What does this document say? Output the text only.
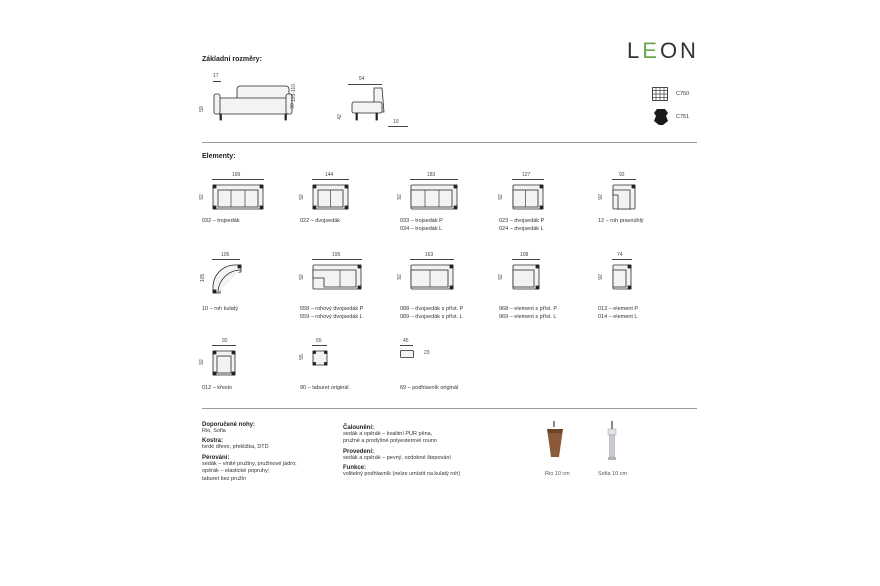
LEON
Základní rozměry:
17
59
90
103-110
54
42
10
C750
C751
Elementy:
199
92
032 – trojsedák
144
92
022 – dvojsedák
183
92
033 – trojsedák P
034 – trojsedák L
127
92
023 – dvojsedák P
024 – dvojsedák L
92
92
12 – roh pravoúhlý
105
105
10 – roh kulatý
195
92
558 – rohový dvojsedák P
559 – rohový dvojsedák L
163
92
088 – dvojsedák s příst. P
089 – dvojsedák s příst. L
108
92
968 – element s příst. P
969 – element s příst. L
74
92
013 – element P
014 – element L
92
92
012 – křeslo
55
55
90 – taburet originál
45
23
69 – podhlavník originál
Doporučené nohy:
Rio, Sofia
Kostra:
tvrdé dřevo, překližka, DTD
Pérování:
sedák – vlnité pružiny, pružinové jádro;
opěrák – elastické popruhy;
taburet bez pružin
Čalounění:
sedák a opěrák – kvalitní PUR pěna,
pružné a prodyšné polyesterové rouno
Provedení:
sedák a opěrák – pevný, ozdobné štepování
Funkce:
volitelný podhlavník (nelze umístit na kulatý roh)	Rio 10 cm	Sofia 10 cm
